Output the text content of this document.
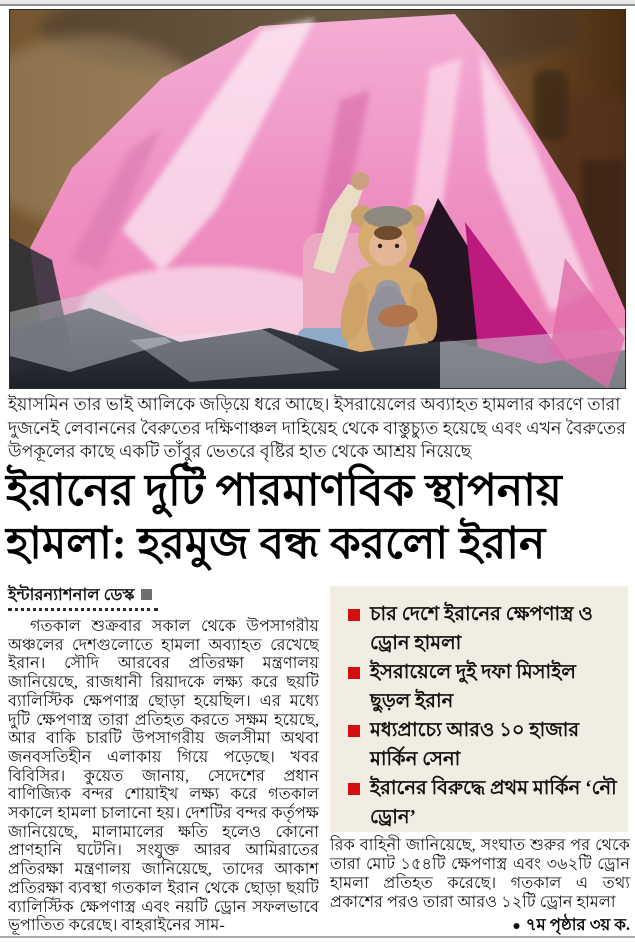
ইয়াসমিন তার ভাই আলিকে জড়িয়ে ধরে আছে। ইসরায়েলের অব্যাহত হামলার কারণে তারা দুজনেই লেবাননের বৈরুতের দক্ষিণাঞ্চল দাহিয়েহ থেকে বাস্তুচ্যুত হয়েছে এবং এখন বৈরুতের উপকূলের কাছে একটি তাঁবুর ভেতরে বৃষ্টির হাত থেকে আশ্রয় নিয়েছে
ইরানের দুটি পারমাণবিক স্থাপনায়
হামলা: হরমুজ বন্ধ করলো ইরান
ইন্টারন্যাশনাল ডেস্ক

গতকাল শুক্রবার সকাল থেকে উপসাগরীয় অঞ্চলের দেশগুলোতে হামলা অব্যাহত রেখেছে ইরান। সৌদি আরবের প্রতিরক্ষা মন্ত্রণালয় জানিয়েছে, রাজধানী রিয়াদকে লক্ষ্য করে ছয়টি ব্যালিস্টিক ক্ষেপণাস্ত্র ছোড়া হয়েছিল। এর মধ্যে দুটি ক্ষেপণাস্ত্র তারা প্রতিহত করতে সক্ষম হয়েছে, আর বাকি চারটি উপসাগরীয় জলসীমা অথবা জনবসতিহীন এলাকায় গিয়ে পড়েছে। খবর বিবিসির। কুয়েত জানায়, সেদেশের প্রধান বাণিজ্যিক বন্দর শোয়াইখ লক্ষ্য করে গতকাল সকালে হামলা চালানো হয়। দেশটির বন্দর কর্তৃপক্ষ জানিয়েছে, মালামালের ক্ষতি হলেও কোনো প্রাণহানি ঘটেনি। সংযুক্ত আরব আমিরাতের প্রতিরক্ষা মন্ত্রণালয় জানিয়েছে, তাদের আকাশ প্রতিরক্ষা ব্যবস্থা গতকাল ইরান থেকে ছোড়া ছয়টি ব্যালিস্টিক ক্ষেপণাস্ত্র এবং নয়টি ড্রোন সফলভাবে ভূপাতিত করেছে। বাহরাইনের সাম-

চার দেশে ইরানের ক্ষেপণাস্ত্র ও ড্রোন হামলা
ইসরায়েলে দুই দফা মিসাইল ছুড়ল ইরান
মধ্যপ্রাচ্যে আরও ১০ হাজার মার্কিন সেনা
ইরানের বিরুদ্ধে প্রথম মার্কিন ‘নৌ ড্রোন’

রিক বাহিনী জানিয়েছে, সংঘাত শুরুর পর থেকে তারা মোট ১৫৪টি ক্ষেপণাস্ত্র এবং ৩৬২টি ড্রোন হামলা প্রতিহত করেছে। গতকাল এ তথ্য প্রকাশের পরও তারা আরও ১২টি ড্রোন হামলা

● ৭ম পৃষ্ঠার ৩য় ক.
